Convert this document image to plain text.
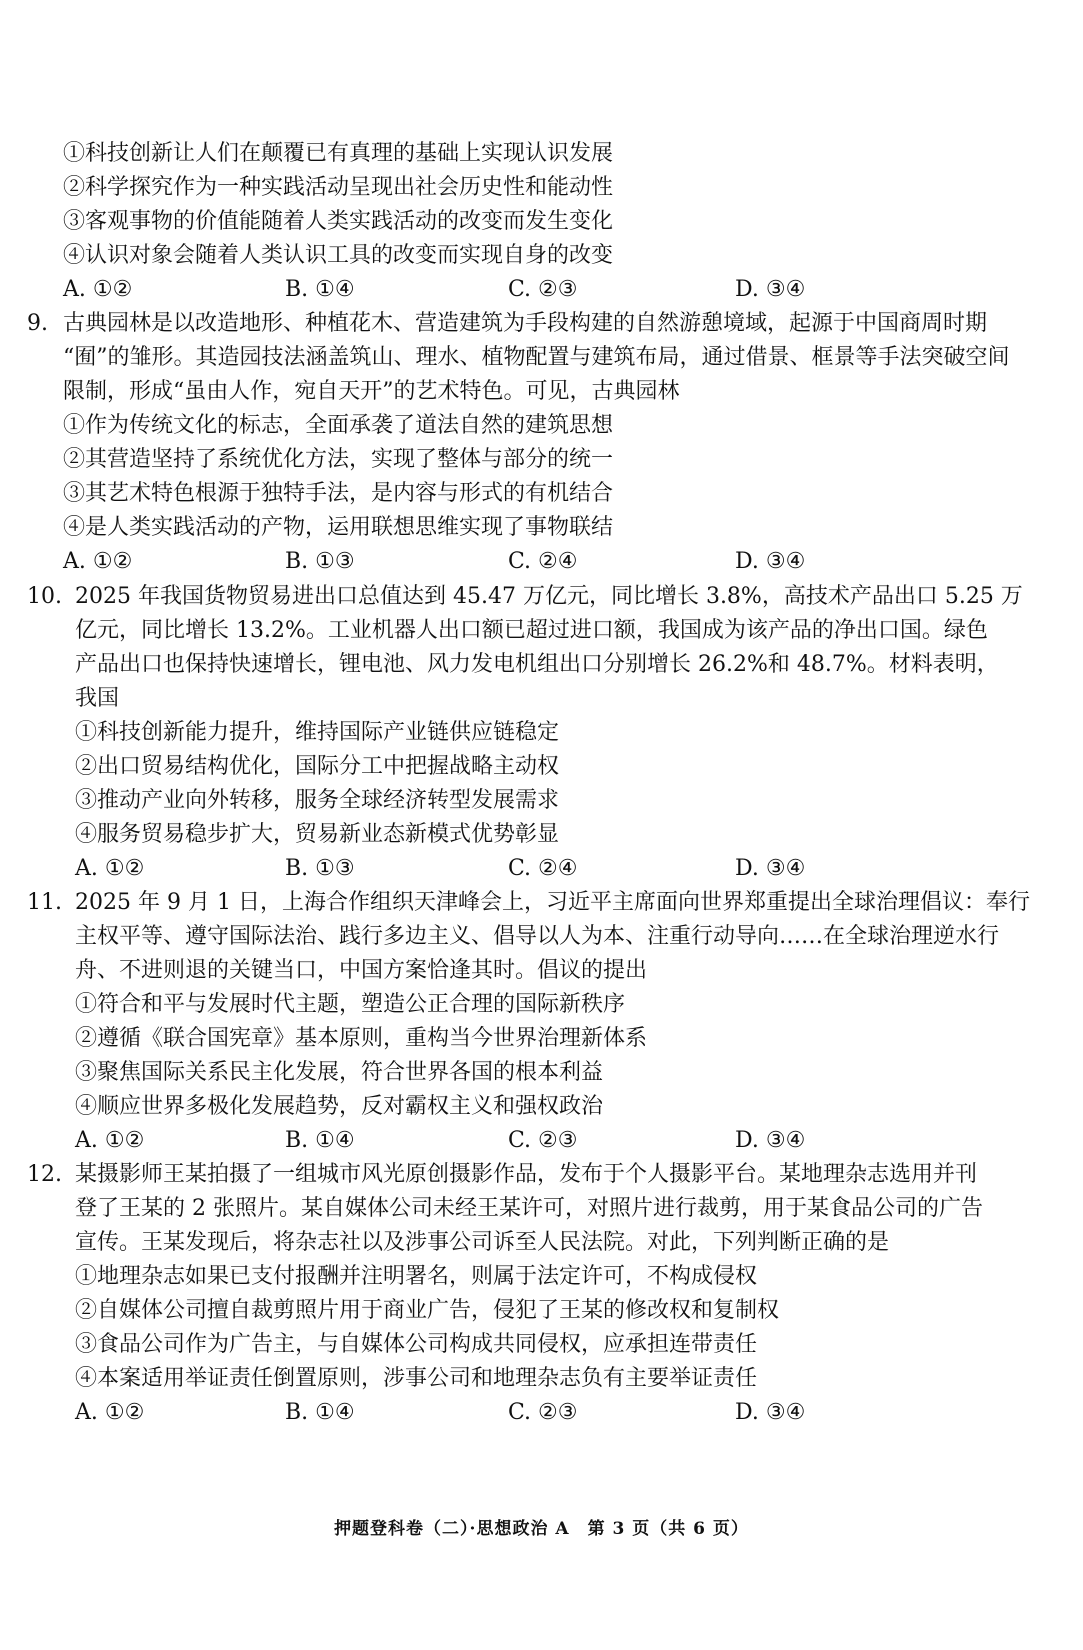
①科技创新让人们在颠覆已有真理的基础上实现认识发展
②科学探究作为一种实践活动呈现出社会历史性和能动性
③客观事物的价值能随着人类实践活动的改变而发生变化
④认识对象会随着人类认识工具的改变而实现自身的改变
A. ①②	B. ①④	C. ②③	D. ③④
9. 古典园林是以改造地形、种植花木、营造建筑为手段构建的自然游憩境域，起源于中国商周时期
“囿”的雏形。其造园技法涵盖筑山、理水、植物配置与建筑布局，通过借景、框景等手法突破空间
限制，形成“虽由人作，宛自天开”的艺术特色。可见，古典园林
①作为传统文化的标志，全面承袭了道法自然的建筑思想
②其营造坚持了系统优化方法，实现了整体与部分的统一
③其艺术特色根源于独特手法，是内容与形式的有机结合
④是人类实践活动的产物，运用联想思维实现了事物联结
A. ①②	B. ①③	C. ②④	D. ③④
10. 2025 年我国货物贸易进出口总值达到 45.47 万亿元，同比增长 3.8%，高技术产品出口 5.25 万
亿元，同比增长 13.2%。工业机器人出口额已超过进口额，我国成为该产品的净出口国。绿色
产品出口也保持快速增长，锂电池、风力发电机组出口分别增长 26.2%和 48.7%。材料表明，
我国
①科技创新能力提升，维持国际产业链供应链稳定
②出口贸易结构优化，国际分工中把握战略主动权
③推动产业向外转移，服务全球经济转型发展需求
④服务贸易稳步扩大，贸易新业态新模式优势彰显
A. ①②	B. ①③	C. ②④	D. ③④
11. 2025 年 9 月 1 日，上海合作组织天津峰会上，习近平主席面向世界郑重提出全球治理倡议：奉行
主权平等、遵守国际法治、践行多边主义、倡导以人为本、注重行动导向……在全球治理逆水行
舟、不进则退的关键当口，中国方案恰逢其时。倡议的提出
①符合和平与发展时代主题，塑造公正合理的国际新秩序
②遵循《联合国宪章》基本原则，重构当今世界治理新体系
③聚焦国际关系民主化发展，符合世界各国的根本利益
④顺应世界多极化发展趋势，反对霸权主义和强权政治
A. ①②	B. ①④	C. ②③	D. ③④
12. 某摄影师王某拍摄了一组城市风光原创摄影作品，发布于个人摄影平台。某地理杂志选用并刊
登了王某的 2 张照片。某自媒体公司未经王某许可，对照片进行裁剪，用于某食品公司的广告
宣传。王某发现后，将杂志社以及涉事公司诉至人民法院。对此，下列判断正确的是
①地理杂志如果已支付报酬并注明署名，则属于法定许可，不构成侵权
②自媒体公司擅自裁剪照片用于商业广告，侵犯了王某的修改权和复制权
③食品公司作为广告主，与自媒体公司构成共同侵权，应承担连带责任
④本案适用举证责任倒置原则，涉事公司和地理杂志负有主要举证责任
A. ①②	B. ①④	C. ②③	D. ③④
押题登科卷（二）·思想政治 A　第 3 页（共 6 页）
